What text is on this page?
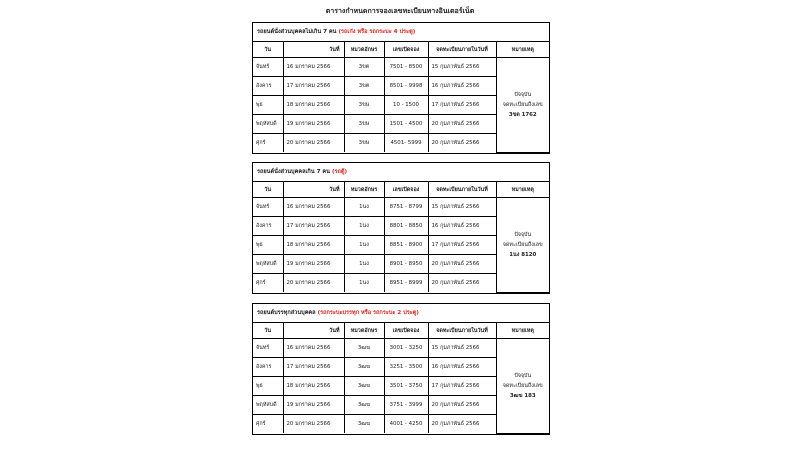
ตารางกำหนดการจองเลขทะเบียนทางอินเตอร์เน็ต
รถยนต์นั่งส่วนบุคคลไม่เกิน 7 คน (รถเก๋ง หรือ รถกระบะ 4 ประตู)
วัน	วันที่	หมวดอักษร	เลขเปิดจอง	จดทะเบียนภายในวันที่	หมายเหตุ
จันทร์	16 มกราคม 2566	3ขต	7501 - 8500	15 กุมภาพันธ์ 2566	ปัจจุบัน
จดทะเบียนถึงเลข
3ขต 1762

อังคาร	17 มกราคม 2566	3ขต	8501 - 9998	16 กุมภาพันธ์ 2566	
พุธ	18 มกราคม 2566	3ขษ	10 - 1500	17 กุมภาพันธ์ 2566	
พฤหัสบดี	19 มกราคม 2566	3ขษ	1501 - 4500	20 กุมภาพันธ์ 2566	
ศุกร์	20 มกราคม 2566	3ขษ	4501- 5999	20 กุมภาพันธ์ 2566	
รถยนต์นั่งส่วนบุคคลเกิน 7 คน (รถตู้)
วัน	วันที่	หมวดอักษร	เลขเปิดจอง	จดทะเบียนภายในวันที่	หมายเหตุ
จันทร์	16 มกราคม 2566	1นง	8751 - 8799	15 กุมภาพันธ์ 2566	ปัจจุบัน
จดทะเบียนถึงเลข
1นง 8120

อังคาร	17 มกราคม 2566	1นง	8801 - 8850	16 กุมภาพันธ์ 2566	
พุธ	18 มกราคม 2566	1นง	8851 - 8900	17 กุมภาพันธ์ 2566	
พฤหัสบดี	19 มกราคม 2566	1นง	8901 - 8950	20 กุมภาพันธ์ 2566	
ศุกร์	20 มกราคม 2566	1นง	8951 - 8999	20 กุมภาพันธ์ 2566	
รถยนต์บรรทุกส่วนบุคคล (รถกระบะบรรทุก หรือ รถกระบะ 2 ประตู)
วัน	วันที่	หมวดอักษร	เลขเปิดจอง	จดทะเบียนภายในวันที่	หมายเหตุ
จันทร์	16 มกราคม 2566	3ฒฆ	3001 - 3250	15 กุมภาพันธ์ 2566	ปัจจุบัน
จดทะเบียนถึงเลข
3ฒฆ 183

อังคาร	17 มกราคม 2566	3ฒฆ	3251 - 3500	16 กุมภาพันธ์ 2566	
พุธ	18 มกราคม 2566	3ฒฆ	3501 - 3750	17 กุมภาพันธ์ 2566	
พฤหัสบดี	19 มกราคม 2566	3ฒฆ	3751 - 3999	20 กุมภาพันธ์ 2566	
ศุกร์	20 มกราคม 2566	3ฒฆ	4001 - 4250	20 กุมภาพันธ์ 2566	
